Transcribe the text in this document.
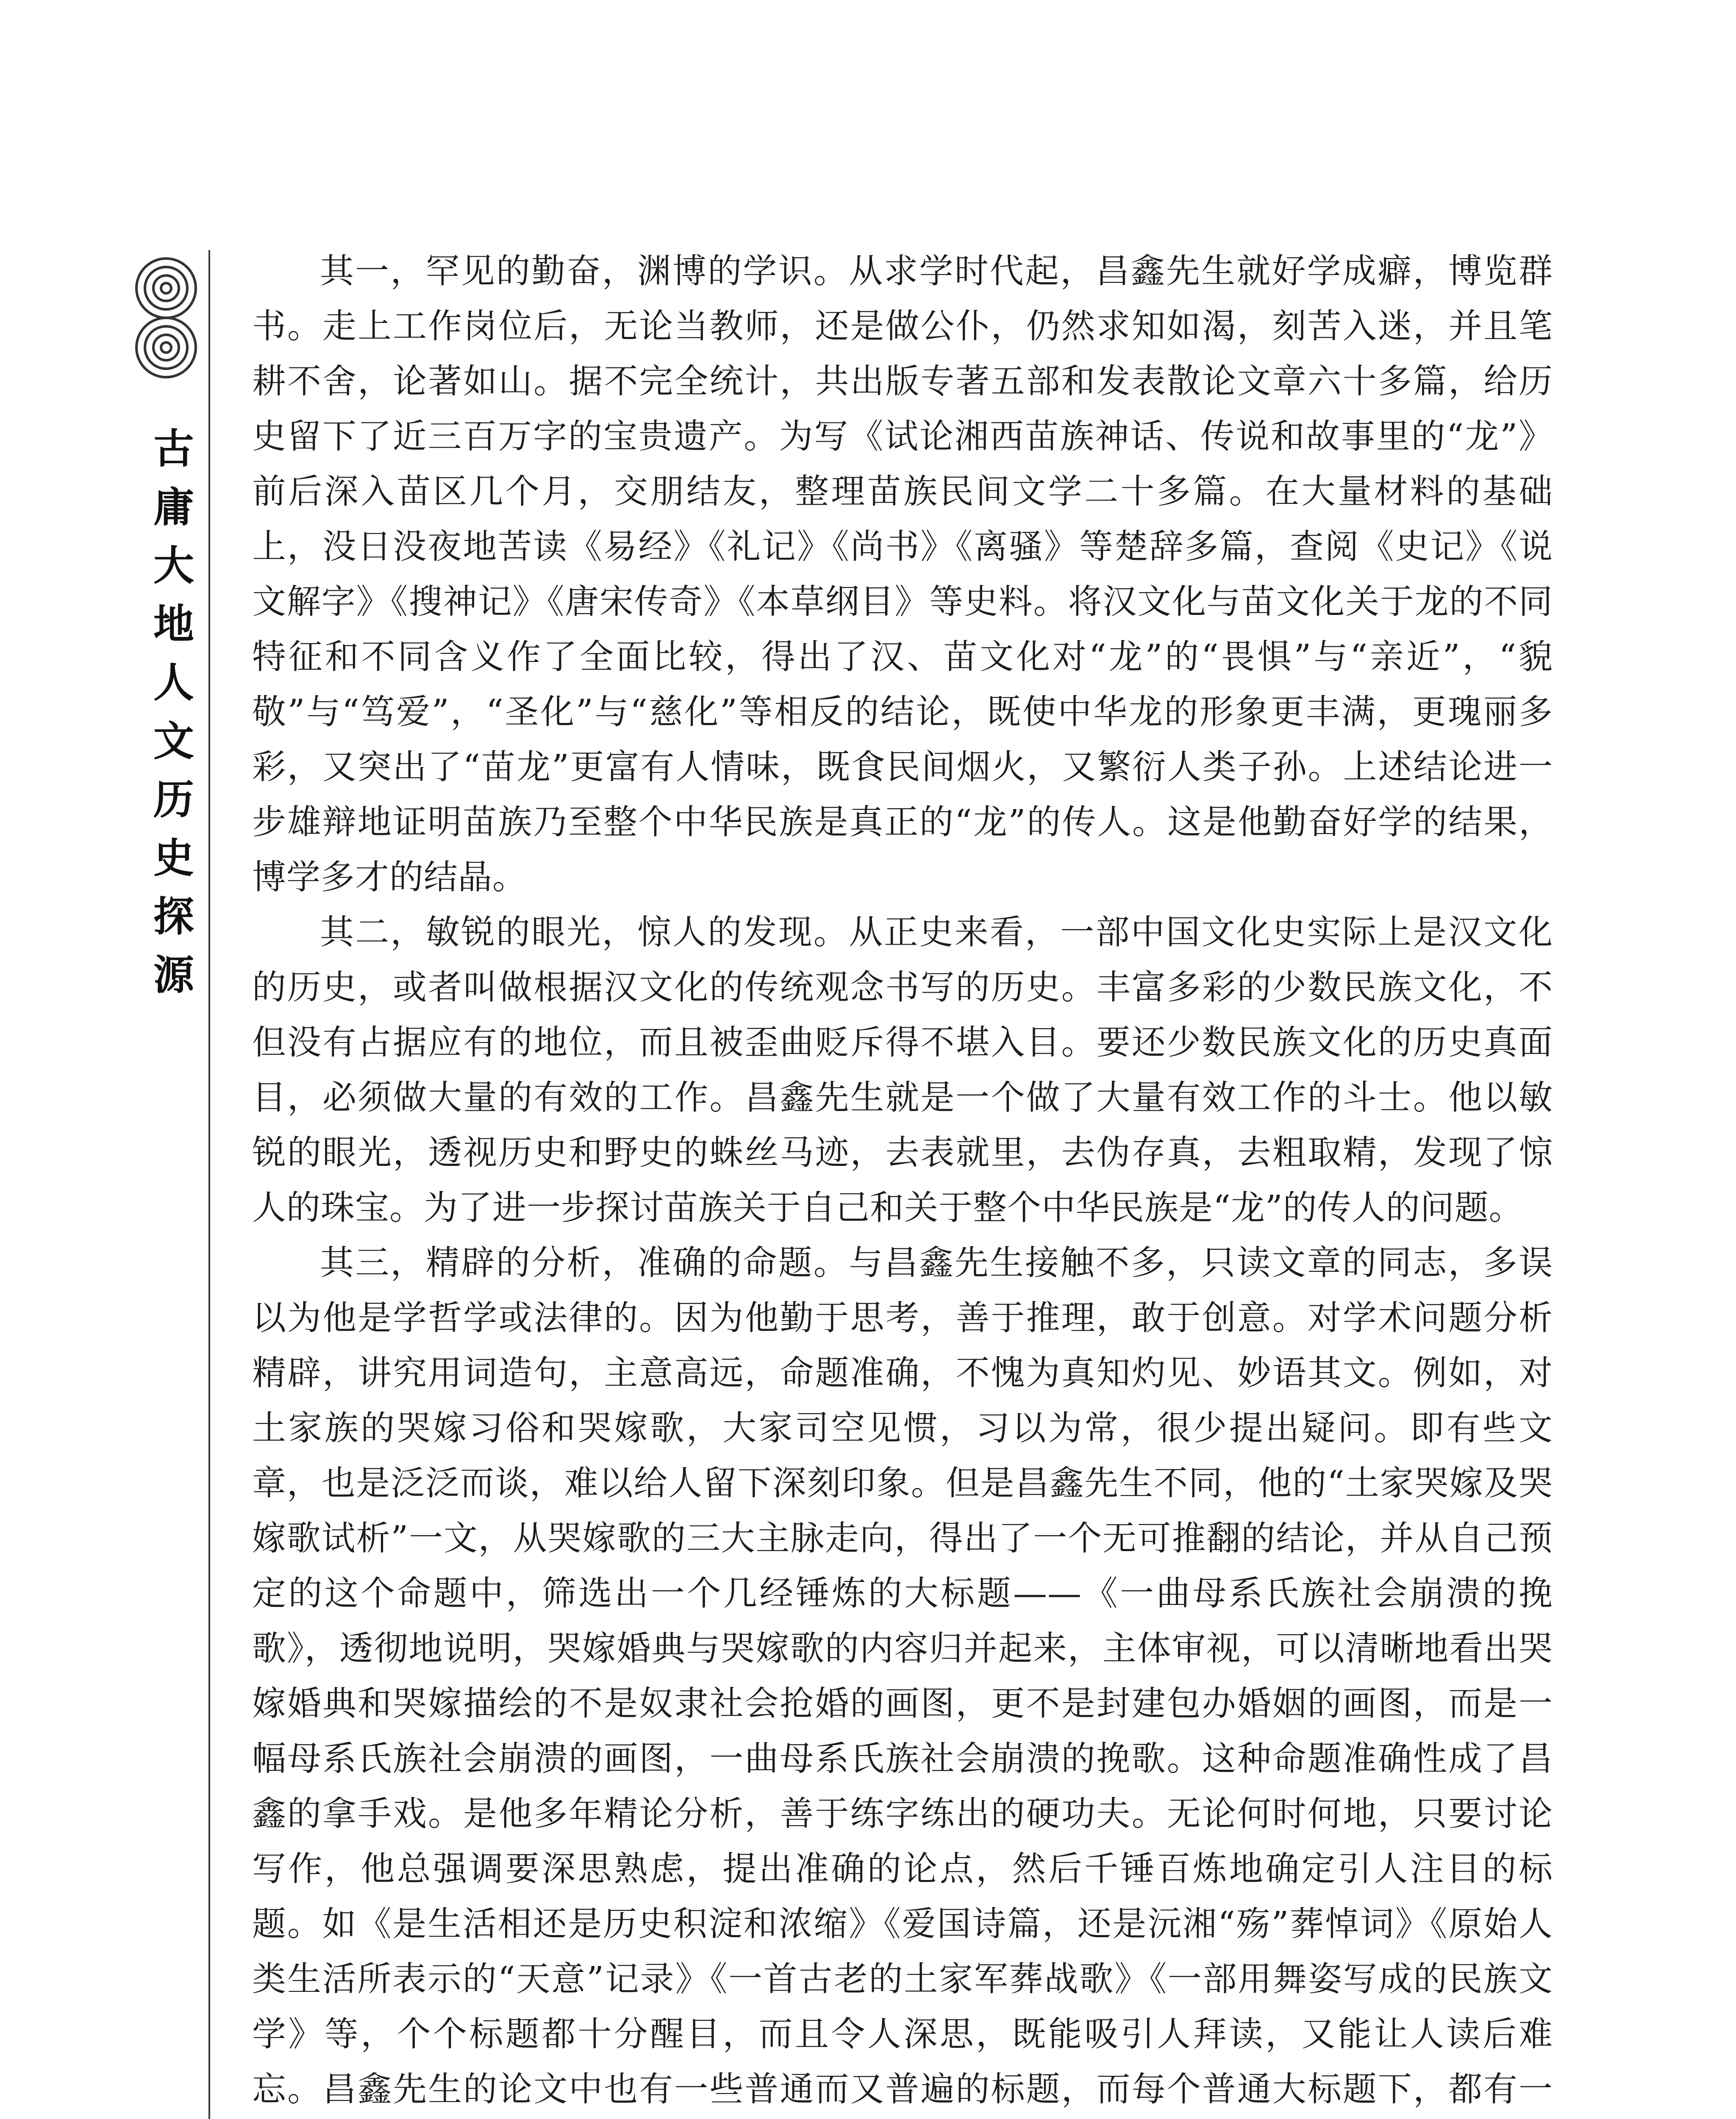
古庸大地人文历史探源

其一，罕见的勤奋，渊博的学识。从求学时代起，昌鑫先生就好学成癖，博览群书。走上工作岗位后，无论当教师，还是做公仆，仍然求知如渴，刻苦入迷，并且笔耕不舍，论著如山。据不完全统计，共出版专著五部和发表散论文章六十多篇，给历史留下了近三百万字的宝贵遗产。为写《试论湘西苗族神话、传说和故事里的“龙”》前后深入苗区几个月，交朋结友，整理苗族民间文学二十多篇。在大量材料的基础上，没日没夜地苦读《易经》《礼记》《尚书》《离骚》等楚辞多篇，查阅《史记》《说文解字》《搜神记》《唐宋传奇》《本草纲目》等史料。将汉文化与苗文化关于龙的不同特征和不同含义作了全面比较，得出了汉、苗文化对“龙”的“畏惧”与“亲近”，“貌敬”与“笃爱”，“圣化”与“慈化”等相反的结论，既使中华龙的形象更丰满，更瑰丽多彩，又突出了“苗龙”更富有人情味，既食民间烟火，又繁衍人类子孙。上述结论进一步雄辩地证明苗族乃至整个中华民族是真正的“龙”的传人。这是他勤奋好学的结果，博学多才的结晶。

其二，敏锐的眼光，惊人的发现。从正史来看，一部中国文化史实际上是汉文化的历史，或者叫做根据汉文化的传统观念书写的历史。丰富多彩的少数民族文化，不但没有占据应有的地位，而且被歪曲贬斥得不堪入目。要还少数民族文化的历史真面目，必须做大量的有效的工作。昌鑫先生就是一个做了大量有效工作的斗士。他以敏锐的眼光，透视历史和野史的蛛丝马迹，去表就里，去伪存真，去粗取精，发现了惊人的珠宝。为了进一步探讨苗族关于自己和关于整个中华民族是“龙”的传人的问题。

其三，精辟的分析，准确的命题。与昌鑫先生接触不多，只读文章的同志，多误以为他是学哲学或法律的。因为他勤于思考，善于推理，敢于创意。对学术问题分析精辟，讲究用词造句，主意高远，命题准确，不愧为真知灼见、妙语其文。例如，对土家族的哭嫁习俗和哭嫁歌，大家司空见惯，习以为常，很少提出疑问。即有些文章，也是泛泛而谈，难以给人留下深刻印象。但是昌鑫先生不同，他的“土家哭嫁及哭嫁歌试析”一文，从哭嫁歌的三大主脉走向，得出了一个无可推翻的结论，并从自己预定的这个命题中，筛选出一个几经锤炼的大标题——《一曲母系氏族社会崩溃的挽歌》，透彻地说明，哭嫁婚典与哭嫁歌的内容归并起来，主体审视，可以清晰地看出哭嫁婚典和哭嫁描绘的不是奴隶社会抢婚的画图，更不是封建包办婚姻的画图，而是一幅母系氏族社会崩溃的画图，一曲母系氏族社会崩溃的挽歌。这种命题准确性成了昌鑫的拿手戏。是他多年精论分析，善于练字练出的硬功夫。无论何时何地，只要讨论写作，他总强调要深思熟虑，提出准确的论点，然后千锤百炼地确定引人注目的标题。如《是生活相还是历史积淀和浓缩》《爱国诗篇，还是沅湘“殇”葬悼词》《原始人类生活所表示的“天意”记录》《一首古老的土家军葬战歌》《一部用舞姿写成的民族文学》等，个个标题都十分醒目，而且令人深思，既能吸引人拜读，又能让人读后难忘。昌鑫先生的论文中也有一些普通而又普遍的标题，而每个普通大标题下，都有一
